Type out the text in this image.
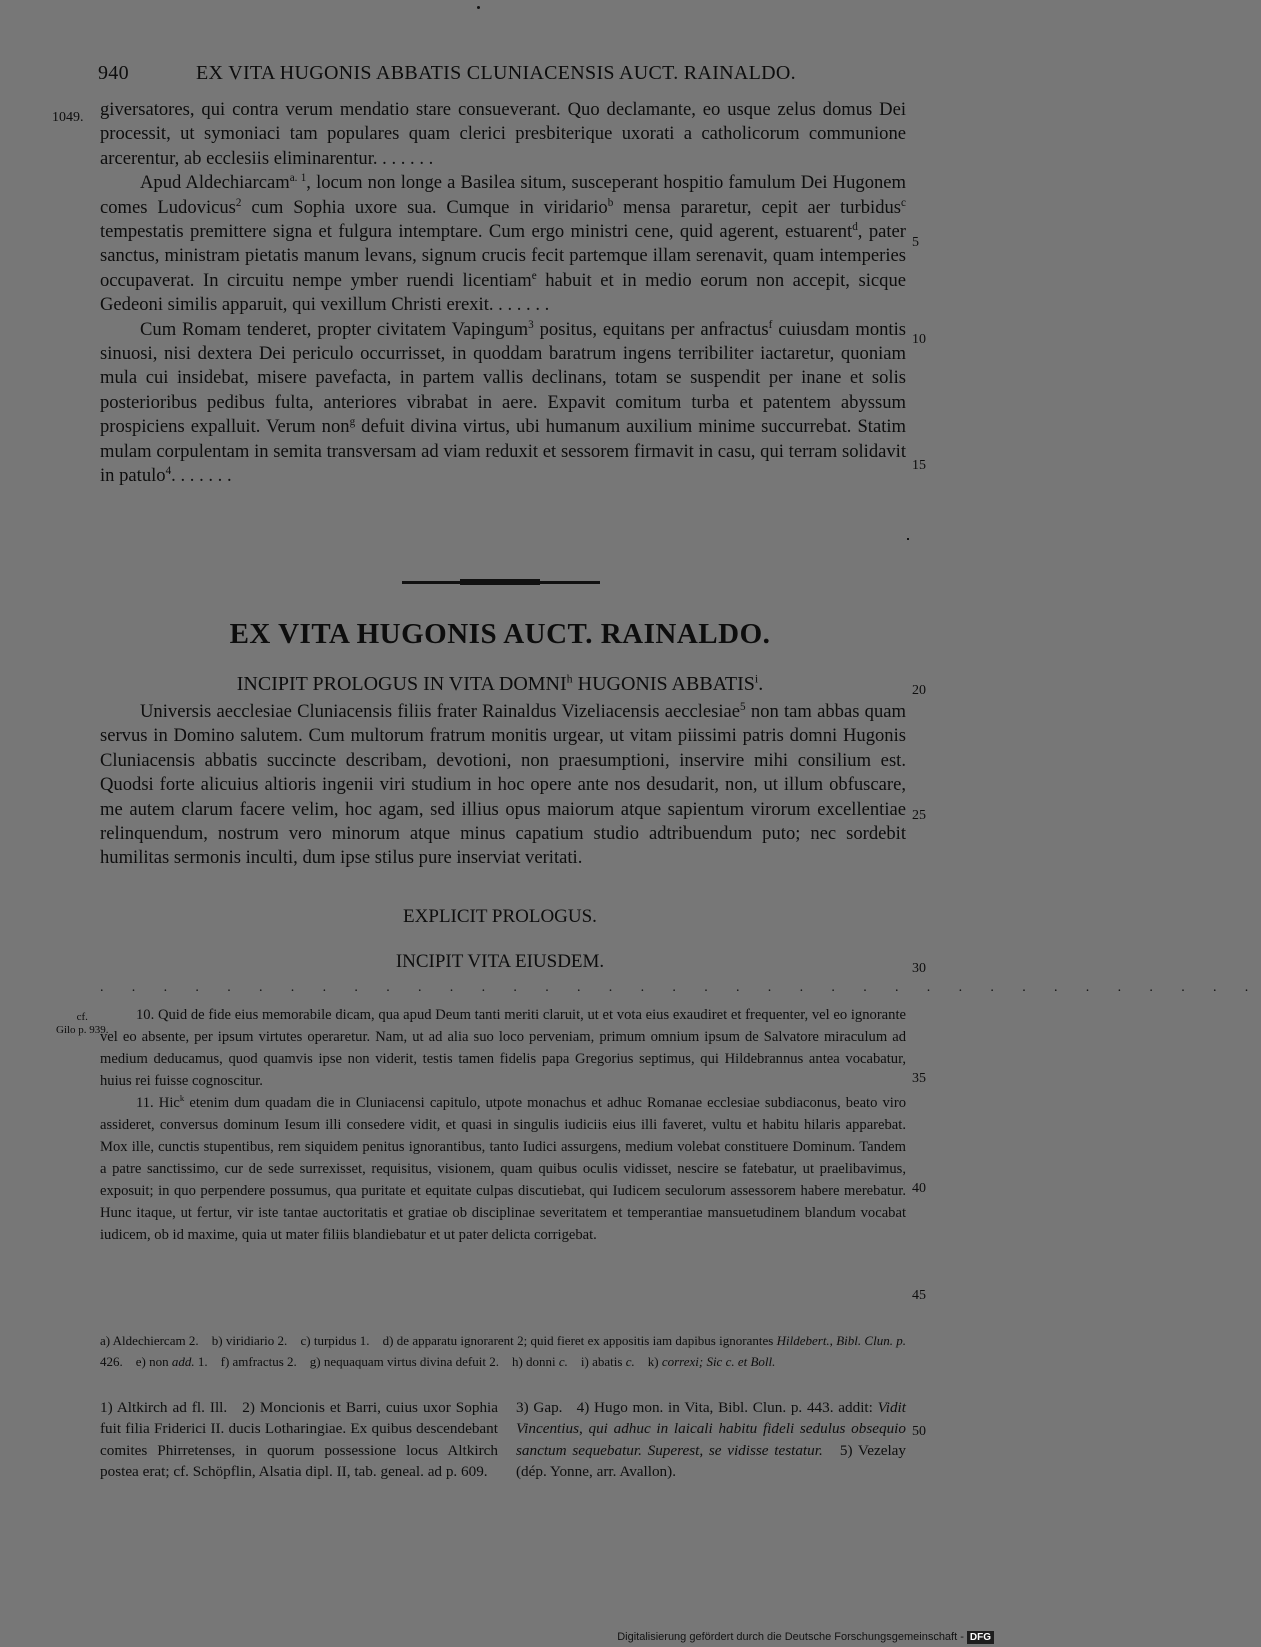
940	EX VITA HUGONIS ABBATIS CLUNIACENSIS AUCT. RAINALDO.
1049. giversatores, qui contra verum mendatio stare consueverant. Quo declamante, eo usque zelus domus Dei processit, ut symoniaci tam populares quam clerici presbiterique uxorati a catholicorum communione arcerentur, ab ecclesiis eliminarentur. . . . . . .

Apud Aldechiarcam$^{a. 1}$, locum non longe a Basilea situm, susceperant hospitio famulum Dei Hugonem comes Ludovicus$^2$ cum Sophia uxore sua. Cumque in viridario$^b$ mensa pararetur, cepit aer turbidus$^c$ tempestatis premittere signa et fulgura intemptare. Cum ergo ministri cene, quid agerent, estuarent$^d$, pater sanctus, ministram pietatis manum levans, signum crucis fecit partemque illam serenavit, quam intemperies occupaverat. In circuitu nempe ymber ruendi licentiam$^e$ habuit et in medio eorum non accepit, sicque Gedeoni similis apparuit, qui vexillum Christi erexit. . . . . . .

Cum Romam tenderet, propter civitatem Vapingum$^3$ positus, equitans per anfractus$^f$ cuiusdam montis sinuosi, nisi dextera Dei periculo occurrisset, in quoddam baratrum ingens terribiliter iactaretur, quoniam mula cui insidebat, misere pavefacta, in partem vallis declinans, totam se suspendit per inane et solis posterioribus pedibus fulta, anteriores vibrabat in aere. Expavit comitum turba et patentem abyssum prospiciens expalluit. Verum non$^g$ defuit divina virtus, ubi humanum auxilium minime succurrebat. Statim mulam corpulentam in semita transversam ad viam reduxit et sessorem firmavit in casu, qui terram solidavit in patulo$^4$. . . . . . .

5
10
15
20
25
30
35
40
45
50
EX VITA HUGONIS AUCT. RAINALDO.
INCIPIT PROLOGUS IN VITA DOMNI$^h$ HUGONIS ABBATIS$^i$.

Universis aecclesiae Cluniacensis filiis frater Rainaldus Vizeliacensis aecclesiae$^5$ non tam abbas quam servus in Domino salutem. Cum multorum fratrum monitis urgear, ut vitam piissimi patris domni Hugonis Cluniacensis abbatis succincte describam, devotioni, non praesumptioni, inservire mihi consilium est. Quodsi forte alicuius altioris ingenii viri studium in hoc opere ante nos desudarit, non, ut illum obfuscare, me autem clarum facere velim, hoc agam, sed illius opus maiorum atque sapientum virorum excellentiae relinquendum, nostrum vero minorum atque minus capatium studio adtribuendum puto; nec sordebit humilitas sermonis inculti, dum ipse stilus pure inserviat veritati.

EXPLICIT PROLOGUS.
INCIPIT VITA EIUSDEM.
. . . . . . . . . . . . . . . . . . . . . . . . . . . . . . . . . . . . .
cf.
Gilo p. 939.

10. Quid de fide eius memorabile dicam, qua apud Deum tanti meriti claruit, ut et vota eius exaudiret et frequenter, vel eo ignorante vel eo absente, per ipsum virtutes operaretur. Nam, ut ad alia suo loco perveniam, primum omnium ipsum de Salvatore miraculum ad medium deducamus, quod quamvis ipse non viderit, testis tamen fidelis papa Gregorius septimus, qui Hildebrannus antea vocabatur, huius rei fuisse cognoscitur.

11. Hic$^k$ etenim dum quadam die in Cluniacensi capitulo, utpote monachus et adhuc Romanae ecclesiae subdiaconus, beato viro assideret, conversus dominum Iesum illi consedere vidit, et quasi in singulis iudiciis eius illi faveret, vultu et habitu hilaris apparebat. Mox ille, cunctis stupentibus, rem siquidem penitus ignorantibus, tanto Iudici assurgens, medium volebat constituere Dominum. Tandem a patre sanctissimo, cur de sede surrexisset, requisitus, visionem, quam quibus oculis vidisset, nescire se fatebatur, ut praelibavimus, exposuit; in quo perpendere possumus, qua puritate et equitate culpas discutiebat, qui Iudicem seculorum assessorem habere merebatur. Hunc itaque, ut fertur, vir iste tantae auctoritatis et gratiae ob disciplinae severitatem et temperantiae mansuetudinem blandum vocabat iudicem, ob id maxime, quia ut mater filiis blandiebatur et ut pater delicta corrigebat.

a) Aldechiercam 2.    b) viridiario 2.    c) turpidus 1.    d) de apparatu ignorarent 2; quid fieret ex appositis iam dapibus ignorantes Hildebert., Bibl. Clun. p. 426.    e) non add. 1.    f) amfractus 2.    g) nequaquam virtus divina defuit 2.    h) donni c.    i) abatis c.    k) correxi; Sic c. et Boll.

1) Altkirch ad fl. Ill.   2) Moncionis et Barri, cuius uxor Sophia fuit filia Friderici II. ducis Lotharingiae. Ex quibus descendebant comites Phirretenses, in quorum possessione locus Altkirch postea erat; cf. Schöpflin, Alsatia dipl. II, tab. geneal. ad p. 609.

3) Gap.   4) Hugo mon. in Vita, Bibl. Clun. p. 443. addit: Vidit Vincentius, qui adhuc in laicali habitu fideli sedulus obsequio sanctum sequebatur. Superest, se vidisse testatur.   5) Vezelay (dép. Yonne, arr. Avallon).

Digitalisierung gefördert durch die Deutsche Forschungsgemeinschaft - DFG
